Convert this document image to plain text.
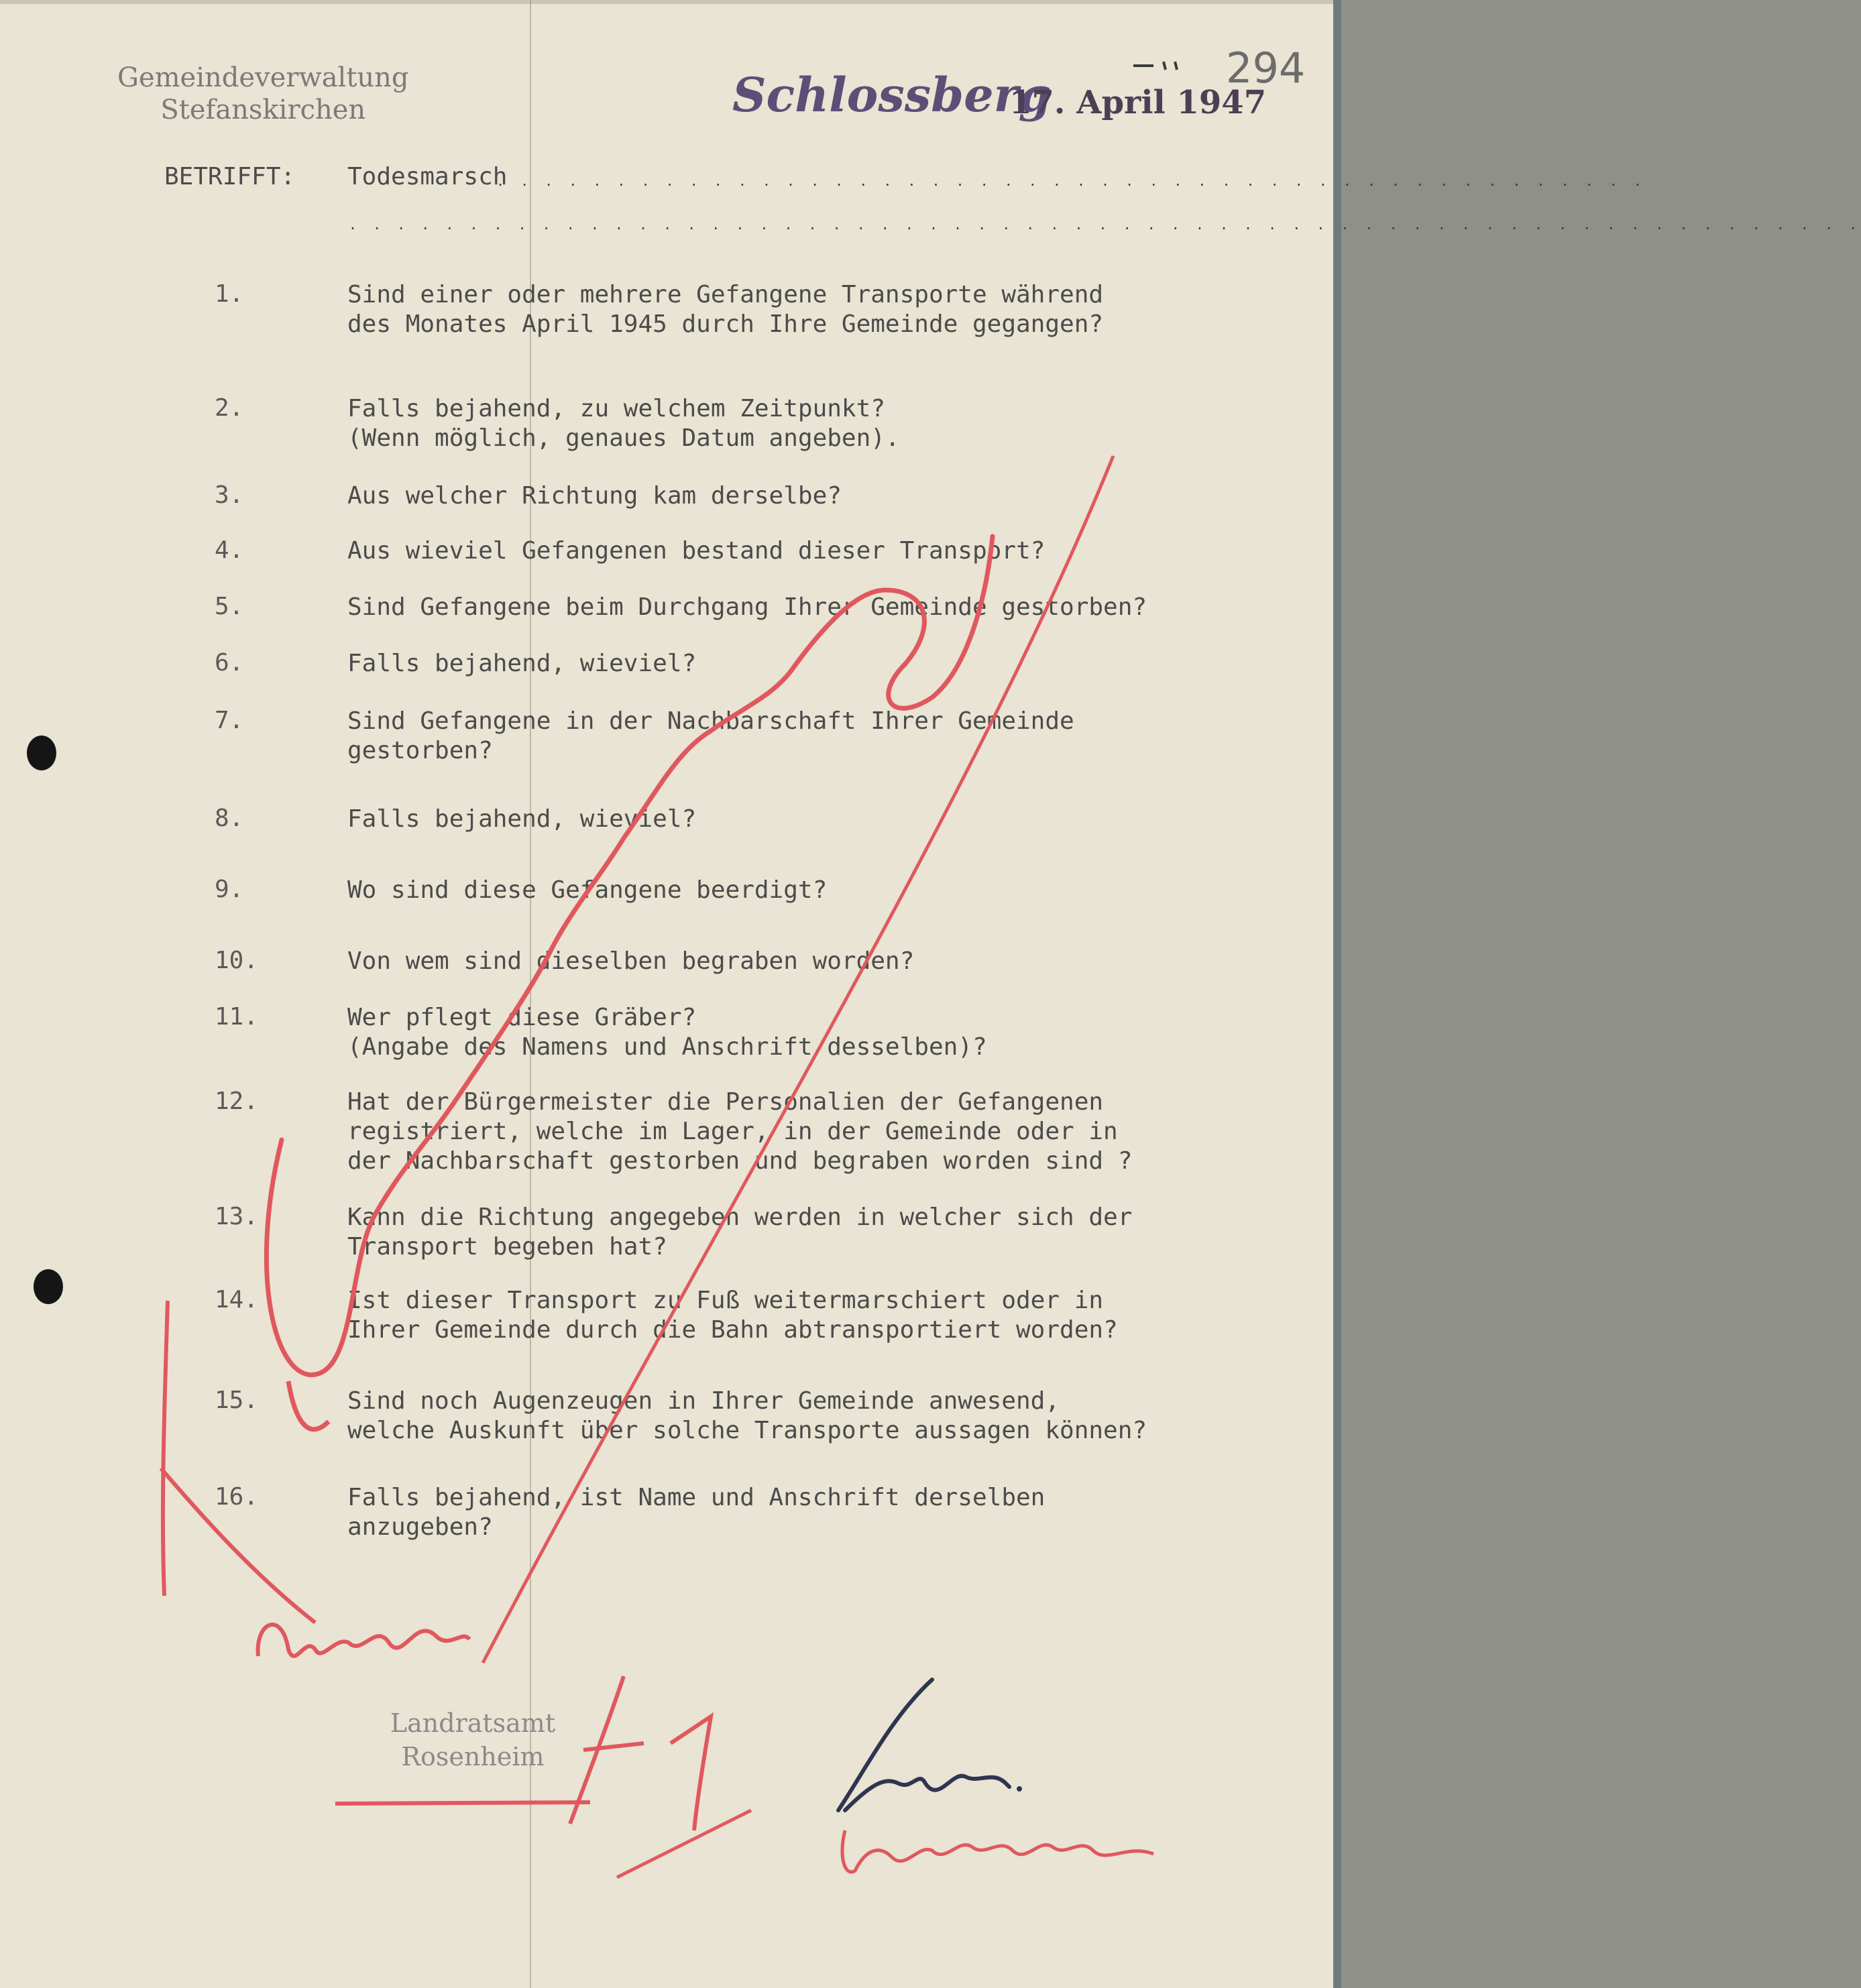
Gemeindeverwaltung
Stefanskirchen	Schlossberg
17. April 1947
294
BETRIFFT: Todesmarsch
. . . . . . . . . . . . . . . . . . . . . . . . . . . . . . . . . . . . . . . . . . . . . . . .
. . . . . . . . . . . . . . . . . . . . . . . . . . . . . . . . . . . . . . . . . . . . . . . . . . . . . . . . . . . . . . .
1.	Sind einer oder mehrere Gefangene Transporte während
des Monates April 1945 durch Ihre Gemeinde gegangen?
2.	Falls bejahend, zu welchem Zeitpunkt?
(Wenn möglich, genaues Datum angeben).
3.	Aus welcher Richtung kam derselbe?
4.	Aus wieviel Gefangenen bestand dieser Transport?
5.	Sind Gefangene beim Durchgang Ihrer Gemeinde gestorben?
6.	Falls bejahend, wieviel?
7.	Sind Gefangene in der Nachbarschaft Ihrer Gemeinde
gestorben?
8.	Falls bejahend, wieviel?
9.	Wo sind diese Gefangene beerdigt?
10.	Von wem sind dieselben begraben worden?
11.	Wer pflegt diese Gräber?
(Angabe des Namens und Anschrift desselben)?
12.	Hat der Bürgermeister die Personalien der Gefangenen
registriert, welche im Lager, in der Gemeinde oder in
der Nachbarschaft gestorben und begraben worden sind ?
13.	Kann die Richtung angegeben werden in welcher sich der
Transport begeben hat?
14.	Ist dieser Transport zu Fuß weitermarschiert oder in
Ihrer Gemeinde durch die Bahn abtransportiert worden?
15.	Sind noch Augenzeugen in Ihrer Gemeinde anwesend,
welche Auskunft über solche Transporte aussagen können?
16.	Falls bejahend, ist Name und Anschrift derselben
anzugeben?
Landratsamt
Rosenheim
